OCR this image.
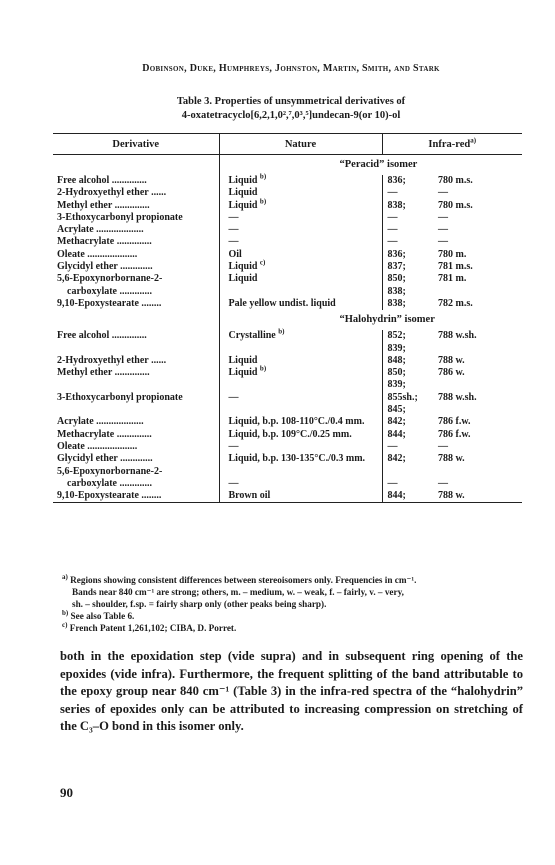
Dobinson, Duke, Humphreys, Johnston, Martin, Smith, and Stark
Table 3. Properties of unsymmetrical derivatives of
4-oxatetracyclo[6,2,1,0²,⁷,0³,⁵]undecan-9(or 10)-ol
Derivative	Nature	Infra-red$^{a)}$
	“Peracid” isomer		
Free alcohol ..............	Liquid $^{b)}$	836;	780 m.s.
2-Hydroxyethyl ether ......	Liquid	—	—
Methyl ether ..............	Liquid $^{b)}$	838;	780 m.s.
3-Ethoxycarbonyl propionate	—	—	—
Acrylate ...................	—	—	—
Methacrylate ..............	—	—	—
Oleate ....................	Oil	836;	780 m.
Glycidyl ether .............	Liquid $^{c)}$	837;	781 m.s.
5,6-Epoxynorbornane-2-	Liquid	850;	781 m.
carboxylate .............		838;	
9,10-Epoxystearate ........	Pale yellow undist. liquid	838;	782 m.s.
	“Halohydrin” isomer		
Free alcohol ..............	Crystalline $^{b)}$	852;	788 w.sh.
		839;	
2-Hydroxyethyl ether ......	Liquid	848;	788 w.
Methyl ether ..............	Liquid $^{b)}$	850;	786 w.
		839;	
3-Ethoxycarbonyl propionate	—	855sh.;	788 w.sh.
		845;	
Acrylate ...................	Liquid, b.p. 108-110°C./0.4 mm.	842;	786 f.w.
Methacrylate ..............	Liquid, b.p. 109°C./0.25 mm.	844;	786 f.w.
Oleate ....................	—	—	—
Glycidyl ether .............	Liquid, b.p. 130-135°C./0.3 mm.	842;	788 w.
5,6-Epoxynorbornane-2-			
carboxylate .............	—	—	—
9,10-Epoxystearate ........	Brown oil	844;	788 w.

$^{a)}$ Regions showing consistent differences between stereoisomers only. Frequencies in cm⁻¹.

Bands near 840 cm⁻¹ are strong; others, m. – medium, w. – weak, f. – fairly, v. – very,

sh. – shoulder, f.sp. = fairly sharp only (other peaks being sharp).

$^{b)}$ See also Table 6.

$^{c)}$ French Patent 1,261,102; CIBA, D. Porret.

both in the epoxidation step (vide supra) and in subsequent ring opening of the epoxides (vide infra). Furthermore, the frequent splitting of the band attributable to the epoxy group near 840 cm⁻¹ (Table 3) in the infra-red spectra of the “halohydrin” series of epoxides only can be attributed to increasing compression on stretching of the C₃–O bond in this isomer only.

90
